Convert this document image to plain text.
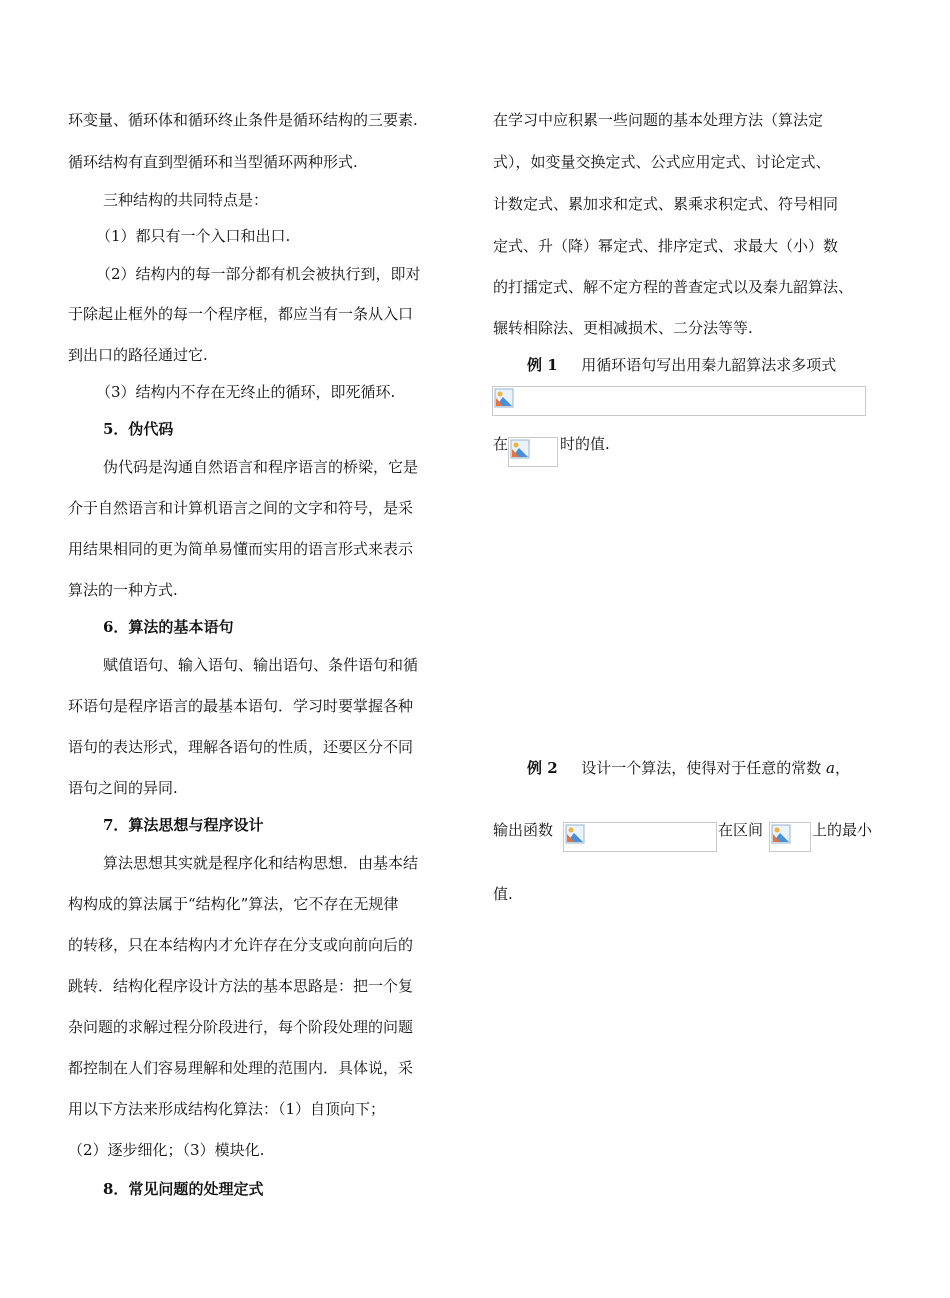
环变量、循环体和循环终止条件是循环结构的三要素.
循环结构有直到型循环和当型循环两种形式.
三种结构的共同特点是：
（1）都只有一个入口和出口.
（2）结构内的每一部分都有机会被执行到，即对
于除起止框外的每一个程序框，都应当有一条从入口
到出口的路径通过它.
（3）结构内不存在无终止的循环，即死循环.
5．伪代码
伪代码是沟通自然语言和程序语言的桥梁，它是
介于自然语言和计算机语言之间的文字和符号，是采
用结果相同的更为简单易懂而实用的语言形式来表示
算法的一种方式.
6．算法的基本语句
赋值语句、输入语句、输出语句、条件语句和循
环语句是程序语言的最基本语句．学习时要掌握各种
语句的表达形式，理解各语句的性质，还要区分不同
语句之间的异同.
7．算法思想与程序设计
算法思想其实就是程序化和结构思想．由基本结
构构成的算法属于“结构化”算法，它不存在无规律
的转移，只在本结构内才允许存在分支或向前向后的
跳转．结构化程序设计方法的基本思路是：把一个复
杂问题的求解过程分阶段进行，每个阶段处理的问题
都控制在人们容易理解和处理的范围内．具体说，采
用以下方法来形成结构化算法：（1）自顶向下；
（2）逐步细化；（3）模块化.
8．常见问题的处理定式
在学习中应积累一些问题的基本处理方法（算法定
式），如变量交换定式、公式应用定式、讨论定式、
计数定式、累加求和定式、累乘求积定式、符号相同
定式、升（降）幂定式、排序定式、求最大（小）数
的打擂定式、解不定方程的普查定式以及秦九韶算法、
辗转相除法、更相减损术、二分法等等.
例 1 用循环语句写出用秦九韶算法求多项式
在	时的值.
例 2 设计一个算法，使得对于任意的常数 a，
输出函数	在区间	上的最小
值.
